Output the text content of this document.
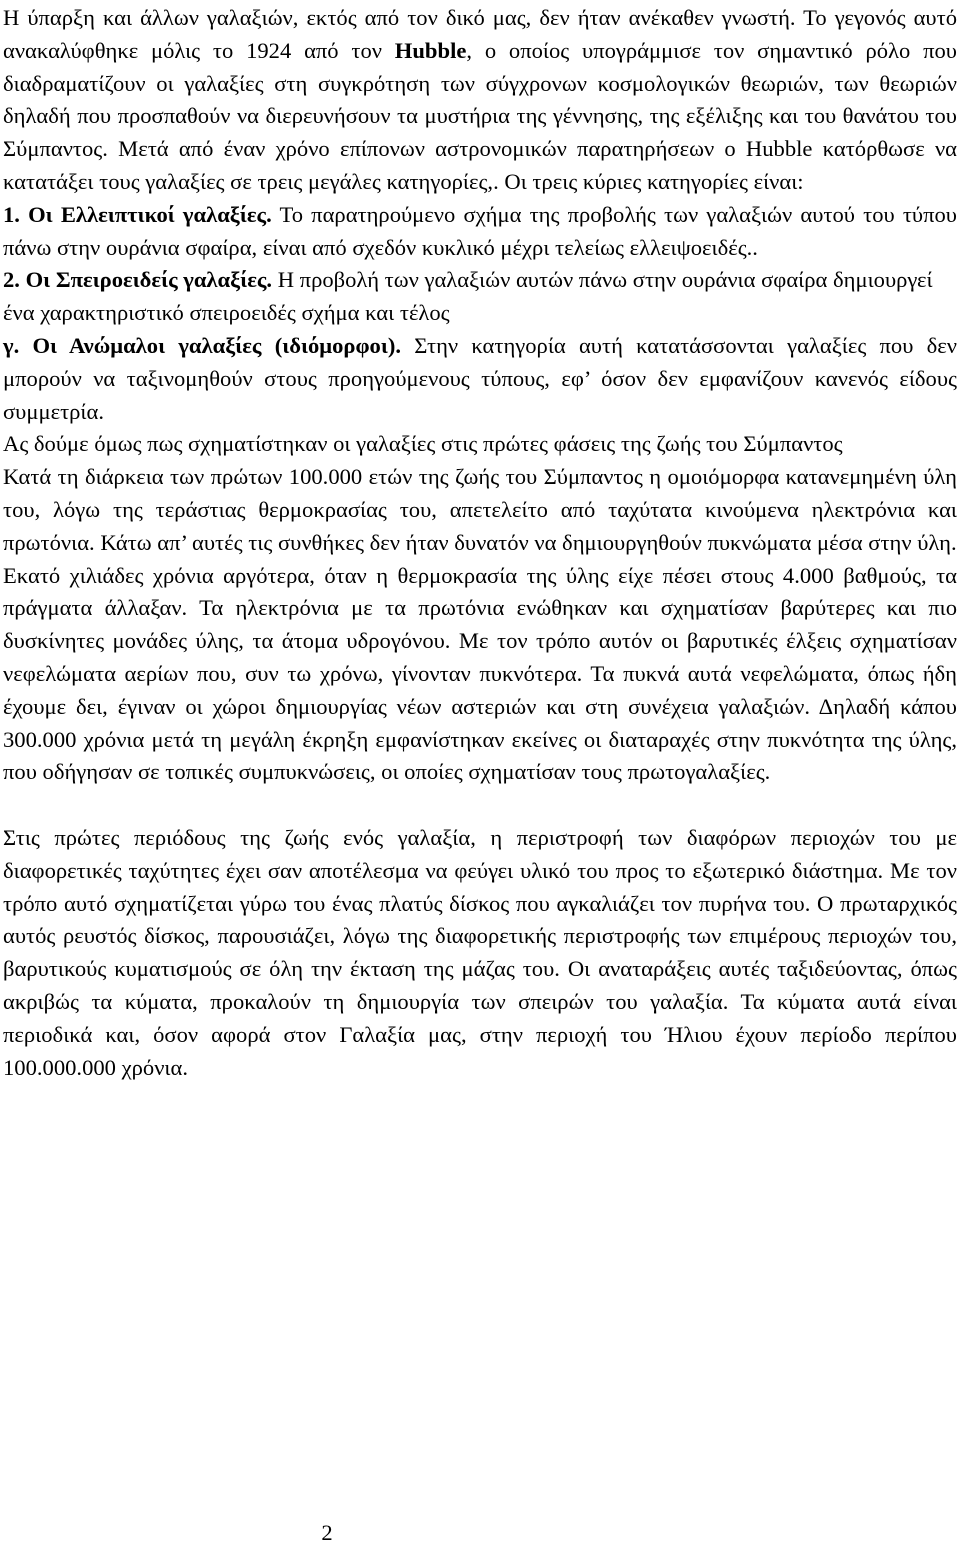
Η ύπαρξη και άλλων γαλαξιών, εκτός από τον δικό μας, δεν ήταν ανέκαθεν γνωστή. Το γεγονός αυτό ανακαλύφθηκε μόλις το 1924 από τον Hubble, ο οποίος υπογράμμισε τον σημαντικό ρόλο που διαδραματίζουν οι γαλαξίες στη συγκρότηση των σύγχρονων κοσμολογικών θεωριών, των θεωριών δηλαδή που προσπαθούν να διερευνήσουν τα μυστήρια της γέννησης, της εξέλιξης και του θανάτου του Σύμπαντος. Μετά από έναν χρόνο επίπονων αστρονομικών παρατηρήσεων ο Hubble κατόρθωσε να κατατάξει τους γαλαξίες σε τρεις μεγάλες κατηγορίες,. Οι τρεις κύριες κατηγορίες είναι:

1. Οι Ελλειπτικοί γαλαξίες. Το παρατηρούμενο σχήμα της προβολής των γαλαξιών αυτού του τύπου πάνω στην ουράνια σφαίρα, είναι από σχεδόν κυκλικό μέχρι τελείως ελλειψοειδές..

2. Οι Σπειροειδείς γαλαξίες. Η προβολή των γαλαξιών αυτών πάνω στην ουράνια σφαίρα δημιουργεί ένα χαρακτηριστικό σπειροειδές σχήμα και τέλος

γ. Οι Ανώμαλοι γαλαξίες (ιδιόμορφοι). Στην κατηγορία αυτή κατατάσσονται γαλαξίες που δεν μπορούν να ταξινομηθούν στους προηγούμενους τύπους, εφ’ όσον δεν εμφανίζουν κανενός είδους συμμετρία.

Ας δούμε όμως πως σχηματίστηκαν οι γαλαξίες στις πρώτες φάσεις της ζωής του Σύμπαντος

Κατά τη διάρκεια των πρώτων 100.000 ετών της ζωής του Σύμπαντος η ομοιόμορφα κατανεμημένη ύλη του, λόγω της τεράστιας θερμοκρασίας του, απετελείτο από ταχύτατα κινούμενα ηλεκτρόνια και πρωτόνια. Κάτω απ’ αυτές τις συνθήκες δεν ήταν δυνατόν να δημιουργηθούν πυκνώματα μέσα στην ύλη.

Εκατό χιλιάδες χρόνια αργότερα, όταν η θερμοκρασία της ύλης είχε πέσει στους 4.000 βαθμούς, τα πράγματα άλλαξαν. Τα ηλεκτρόνια με τα πρωτόνια ενώθηκαν και σχηματίσαν βαρύτερες και πιο δυσκίνητες μονάδες ύλης, τα άτομα υδρογόνου. Με τον τρόπο αυτόν οι βαρυτικές έλξεις σχηματίσαν νεφελώματα αερίων που, συν τω χρόνω, γίνονταν πυκνότερα. Τα πυκνά αυτά νεφελώματα, όπως ήδη έχουμε δει, έγιναν οι χώροι δημιουργίας νέων αστεριών και στη συνέχεια γαλαξιών. Δηλαδή κάπου 300.000 χρόνια μετά τη μεγάλη έκρηξη εμφανίστηκαν εκείνες οι διαταραχές στην πυκνότητα της ύλης, που οδήγησαν σε τοπικές συμπυκνώσεις, οι οποίες σχηματίσαν τους πρωτογαλαξίες.

Στις πρώτες περιόδους της ζωής ενός γαλαξία, η περιστροφή των διαφόρων περιοχών του με διαφορετικές ταχύτητες έχει σαν αποτέλεσμα να φεύγει υλικό του προς το εξωτερικό διάστημα. Με τον τρόπο αυτό σχηματίζεται γύρω του ένας πλατύς δίσκος που αγκαλιάζει τον πυρήνα του. Ο πρωταρχικός αυτός ρευστός δίσκος, παρουσιάζει, λόγω της διαφορετικής περιστροφής των επιμέρους περιοχών του, βαρυτικούς κυματισμούς σε όλη την έκταση της μάζας του. Οι αναταράξεις αυτές ταξιδεύοντας, όπως ακριβώς τα κύματα, προκαλούν τη δημιουργία των σπειρών του γαλαξία. Τα κύματα αυτά είναι περιοδικά και, όσον αφορά στον Γαλαξία μας, στην περιοχή του Ήλιου έχουν περίοδο περίπου 100.000.000 χρόνια.

2
